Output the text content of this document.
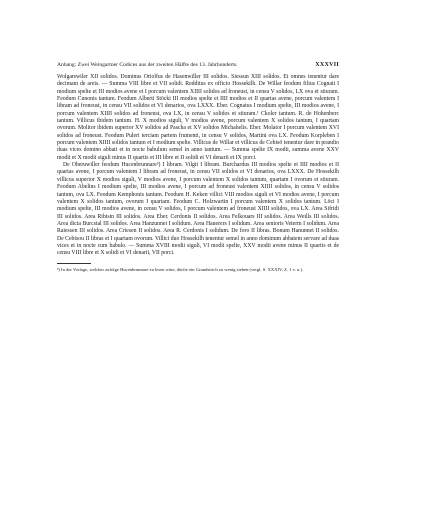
Anhang: Zwei Weingartner Codices aus der zweiten Hälfte des 13. Jahrhunderts.	XXXVII

Wolgarswiler XII solidos. Dominus Oriolfus de Hasenwiller III solidos. Siessun XIII solidos. Et omnes tenentur dare decimam de areis. — Summa VIII libre et VII solidi. Redditus ex officio Hossekilh. De Willar feodum filius Cognati I modium spelte et III modios avene et I porcum valentem XIIII solidos ad froneust, in censu V solidos, LX ova et stiuram. Feodum Cunonis tantum. Feodum Alberti Stöcki III modios spelte et IIII modios et II quartas avene, porcum valentem I libram ad froneust, in censu VII solidos et VI denarios, ova LXXX. Eber. Cognatus I modium spelte, III modios avene, I porcum valentem XIIII solidos ad froneust, ova LX, in censu V solidos et stiuram.¹ Ckoler tantum. R. de Hohenberc tantum. Villicus ibidem tantum. H. X modios siguli, V modios avene, porcum valentem X solidos tantum, I quartam ovorum. Molitor ibidem superior XV solidos ad Pascha et XV solidos Michahelis. Eber. Molator I porcum valentem XVI solidos ad froneust. Feodum Puleri terciam partem frumenti, in censu V solidos, Martini ova LX. Feodum Korpleben I porcum valentem XIIII solidos tantum et I modium spelte. Villicus de Willar et villicus de Cebisö tenentur dare in prandio duas vices domino abbati et in nocte babulum semel in anno tantum. — Summa spelte IX modii, summa avene XXV modii et X modii siguli minus II quartis et III libre et II solidi et VI denarii et IX porci.

De Oberuwiller feodum Hucenbrunnare²) I libram. Vilgit I libram. Burchardus III modios spelte et IIII modios et II quartas avene, I porcum valentem I libram ad froneust, in censu VII solidos et VI denarios, ova LXXX. De Hossekilh villicus superior X modios siguli, V modios avene, I porcum valentem X solidos tantum, quartam I ovorum et stiuram. Feodum Abelins I modium spelte, III modios avene, I porcum ad froneust valentem XIIII solidos, in censu V solidos tantum, ova LX. Feodum Kemphonis tantum. Feodum H. Keken villici VIII modios siguli et VI modios avene, I porcum valentem X solidos tantum, ovorum I quartam. Feodum C. Holzwartin I porcum valentem X solidos tantum. Löci I modium spelte, III modios avene, in censu V solidos, I porcum valentem ad froneust XIIII solidos, ova LX. Area Sifridi III solidos. Area Ribisin III solidos. Area Eber. Cerdonis II solidos. Area Felkouars III solidos. Area Weills III solidos. Area dicta Burcstal III solidos. Area Hanzunnei I solidum. Area Hauerers I solidum. Area senioris Veterm I solidum. Area Raiessen III solidos. Area Criesen II solidos. Area R. Cerdonis I solidum. De foro II libras. Bonum Hanunnet II solidos. De Cebisou II libras et I quartam ovorum. Villici duo Hossekilh tenentur semel in anno dominum abbatem servare ad duas vices et in nocte cum babulo. — Summa XVIII modii siguli, VI modii spelte, XXV modii avene minus II quartis et de censu VIII libre et X solidi et VI denarii, VII porci.

²) In der Vorlage, welcher zufolge Hucenbrunnare zu lesen wäre, dürfte ein Grundstrich zu wenig stehen (vergl. S. XXXIV, Z. 1 v. u.).
